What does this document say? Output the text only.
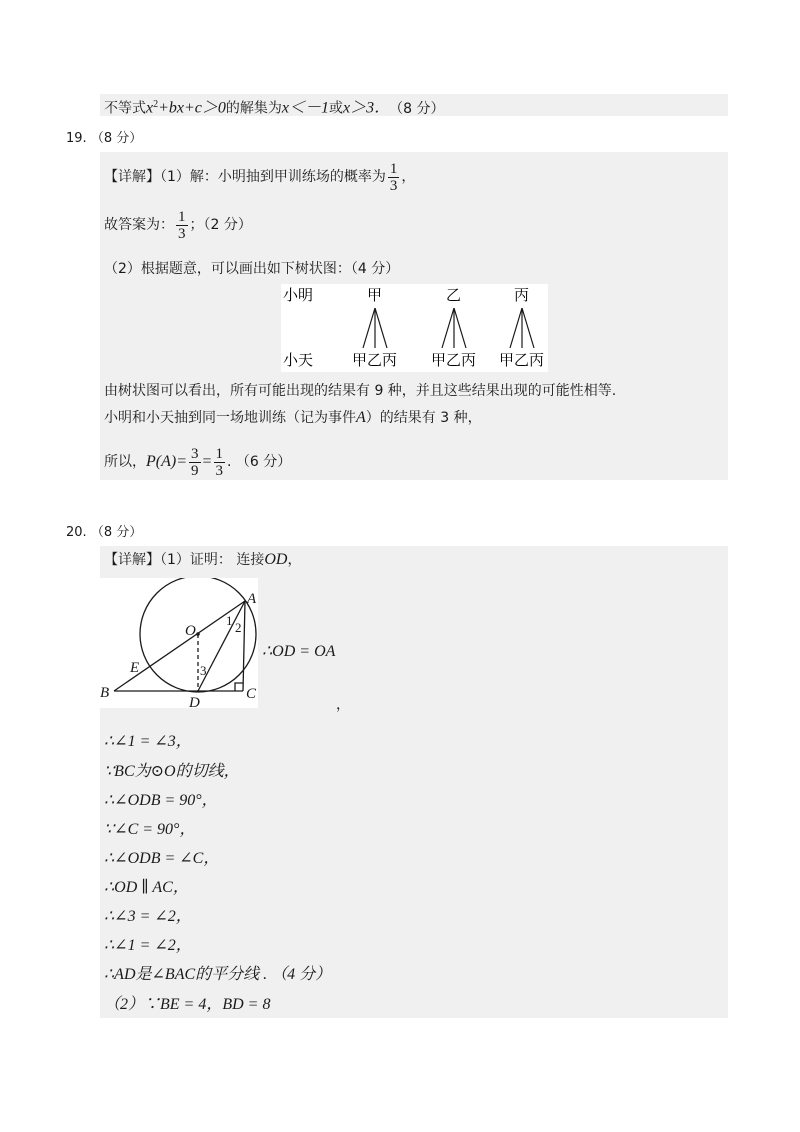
不等式$x^2+bx+c>0$的解集为x＜－1或x＞3． （8 分）
19. （8 分）
【详解】（1）解：小明抽到甲训练场的概率为 $\frac{1}{3}$ ，
故答案为： $\frac{1}{3}$ ；（2 分）
（2）根据题意，可以画出如下树状图：（4 分）
小明
小天
甲	乙	丙
甲乙丙 甲乙丙 甲乙丙
由树状图可以看出，所有可能出现的结果有 9 种，并且这些结果出现的可能性相等.
小明和小天抽到同一场地训练（记为事件A）的结果有 3 种，
所以，$P(A)= \frac{3}{9} = \frac{1}{3}$ . （6 分）
20. （8 分）
【详解】（1）证明： 连接OD，
A
O
E
B
D
C
1 2
3
∴OD = OA
，
∴∠1 = ∠3，
∵BC为⊙O的切线，
∴∠ODB = 90°，
∵∠C = 90°，
∴∠ODB = ∠C，
∴OD ∥ AC，
∴∠3 = ∠2，
∴∠1 = ∠2，
∴AD是∠BAC的平分线 . （4 分）
（2）∵BE = 4，BD = 8
